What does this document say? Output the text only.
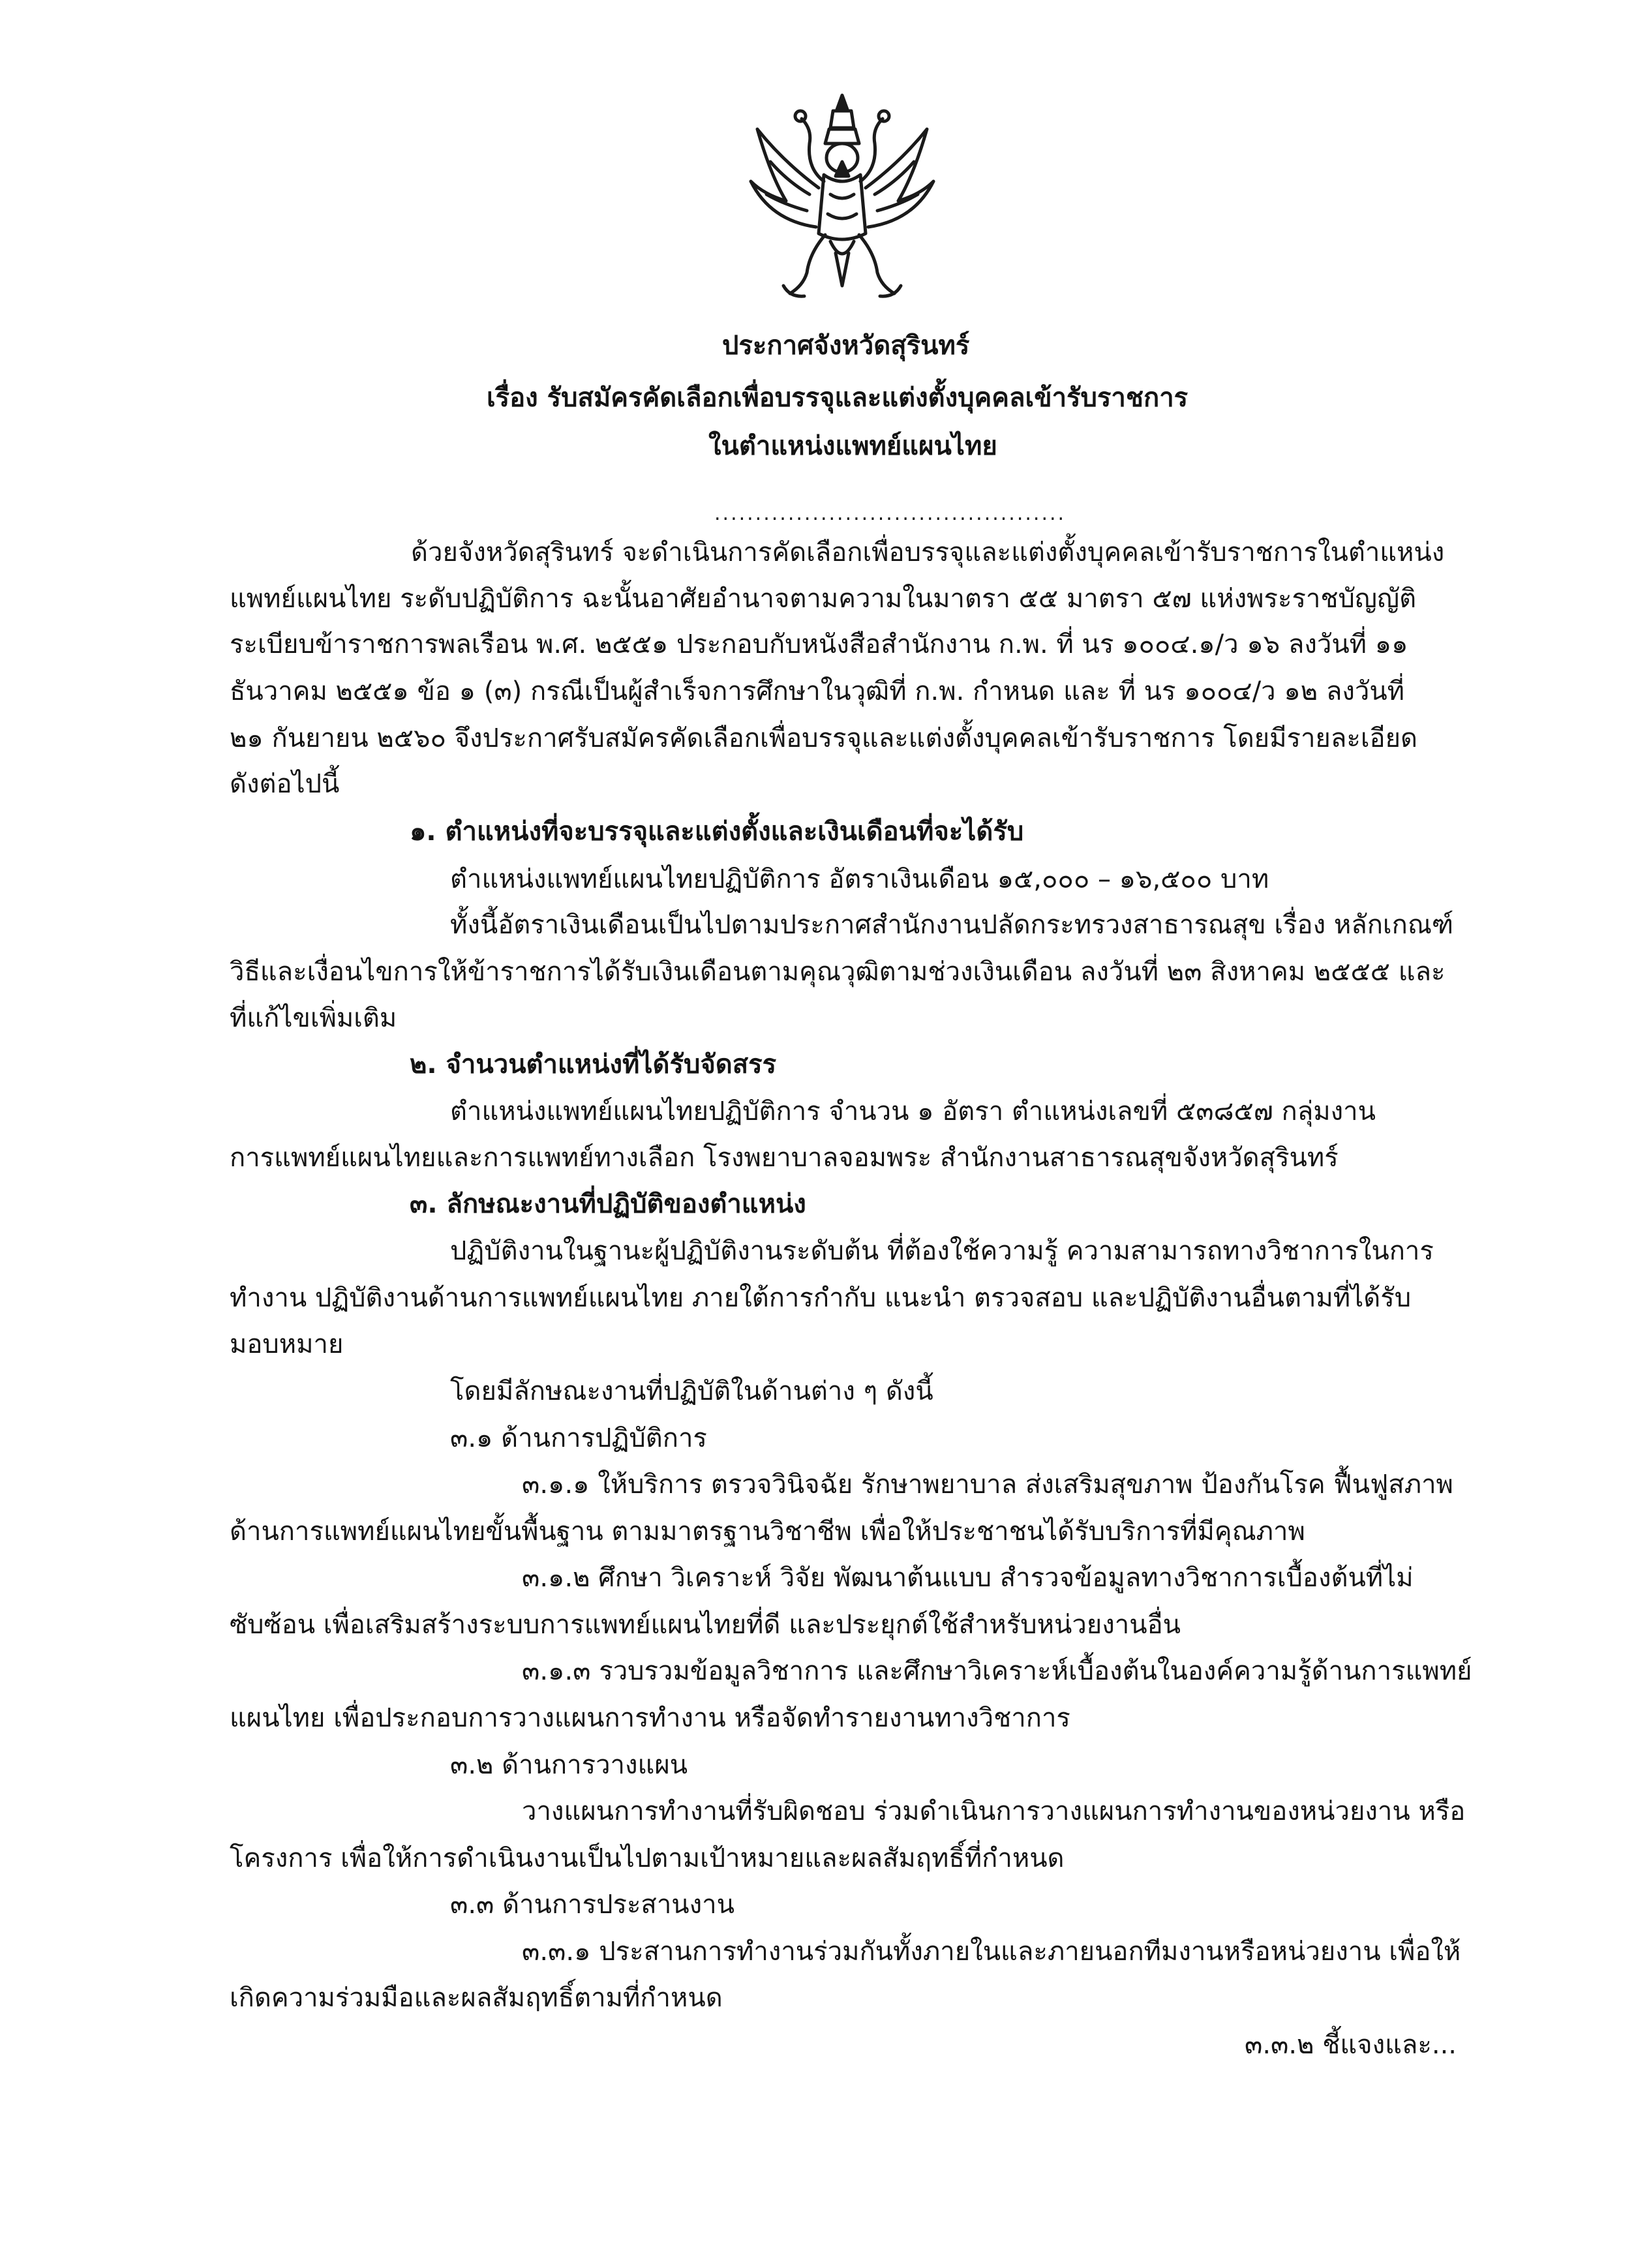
ประกาศจังหวัดสุรินทร์
เรื่อง รับสมัครคัดเลือกเพื่อบรรจุและแต่งตั้งบุคคลเข้ารับราชการ
ในตำแหน่งแพทย์แผนไทย
...........................................
ด้วยจังหวัดสุรินทร์ จะดำเนินการคัดเลือกเพื่อบรรจุและแต่งตั้งบุคคลเข้ารับราชการในตำแหน่ง
แพทย์แผนไทย ระดับปฏิบัติการ ฉะนั้นอาศัยอำนาจตามความในมาตรา ๕๕ มาตรา ๕๗ แห่งพระราชบัญญัติ
ระเบียบข้าราชการพลเรือน พ.ศ. ๒๕๕๑ ประกอบกับหนังสือสำนักงาน ก.พ. ที่ นร ๑๐๐๔.๑/ว ๑๖ ลงวันที่ ๑๑
ธันวาคม ๒๕๕๑ ข้อ ๑ (๓) กรณีเป็นผู้สำเร็จการศึกษาในวุฒิที่ ก.พ. กำหนด และ ที่ นร ๑๐๐๔/ว ๑๒ ลงวันที่
๒๑ กันยายน ๒๕๖๐ จึงประกาศรับสมัครคัดเลือกเพื่อบรรจุและแต่งตั้งบุคคลเข้ารับราชการ โดยมีรายละเอียด
ดังต่อไปนี้
๑. ตำแหน่งที่จะบรรจุและแต่งตั้งและเงินเดือนที่จะได้รับ
ตำแหน่งแพทย์แผนไทยปฏิบัติการ อัตราเงินเดือน ๑๕,๐๐๐ – ๑๖,๕๐๐ บาท
ทั้งนี้อัตราเงินเดือนเป็นไปตามประกาศสำนักงานปลัดกระทรวงสาธารณสุข เรื่อง หลักเกณฑ์
วิธีและเงื่อนไขการให้ข้าราชการได้รับเงินเดือนตามคุณวุฒิตามช่วงเงินเดือน ลงวันที่ ๒๓ สิงหาคม ๒๕๕๕ และ
ที่แก้ไขเพิ่มเติม
๒. จำนวนตำแหน่งที่ได้รับจัดสรร
ตำแหน่งแพทย์แผนไทยปฏิบัติการ จำนวน ๑ อัตรา ตำแหน่งเลขที่ ๕๓๘๕๗ กลุ่มงาน
การแพทย์แผนไทยและการแพทย์ทางเลือก โรงพยาบาลจอมพระ สำนักงานสาธารณสุขจังหวัดสุรินทร์
๓. ลักษณะงานที่ปฏิบัติของตำแหน่ง
ปฏิบัติงานในฐานะผู้ปฏิบัติงานระดับต้น ที่ต้องใช้ความรู้ ความสามารถทางวิชาการในการ
ทำงาน ปฏิบัติงานด้านการแพทย์แผนไทย ภายใต้การกำกับ แนะนำ ตรวจสอบ และปฏิบัติงานอื่นตามที่ได้รับ
มอบหมาย
โดยมีลักษณะงานที่ปฏิบัติในด้านต่าง ๆ ดังนี้
๓.๑ ด้านการปฏิบัติการ
๓.๑.๑ ให้บริการ ตรวจวินิจฉัย รักษาพยาบาล ส่งเสริมสุขภาพ ป้องกันโรค ฟื้นฟูสภาพ
ด้านการแพทย์แผนไทยขั้นพื้นฐาน ตามมาตรฐานวิชาชีพ เพื่อให้ประชาชนได้รับบริการที่มีคุณภาพ
๓.๑.๒ ศึกษา วิเคราะห์ วิจัย พัฒนาต้นแบบ สำรวจข้อมูลทางวิชาการเบื้องต้นที่ไม่
ซับซ้อน เพื่อเสริมสร้างระบบการแพทย์แผนไทยที่ดี และประยุกต์ใช้สำหรับหน่วยงานอื่น
๓.๑.๓ รวบรวมข้อมูลวิชาการ และศึกษาวิเคราะห์เบื้องต้นในองค์ความรู้ด้านการแพทย์
แผนไทย เพื่อประกอบการวางแผนการทำงาน หรือจัดทำรายงานทางวิชาการ
๓.๒ ด้านการวางแผน
วางแผนการทำงานที่รับผิดชอบ ร่วมดำเนินการวางแผนการทำงานของหน่วยงาน หรือ
โครงการ เพื่อให้การดำเนินงานเป็นไปตามเป้าหมายและผลสัมฤทธิ์ที่กำหนด
๓.๓ ด้านการประสานงาน
๓.๓.๑ ประสานการทำงานร่วมกันทั้งภายในและภายนอกทีมงานหรือหน่วยงาน เพื่อให้
เกิดความร่วมมือและผลสัมฤทธิ์ตามที่กำหนด
๓.๓.๒ ชี้แจงและ...
